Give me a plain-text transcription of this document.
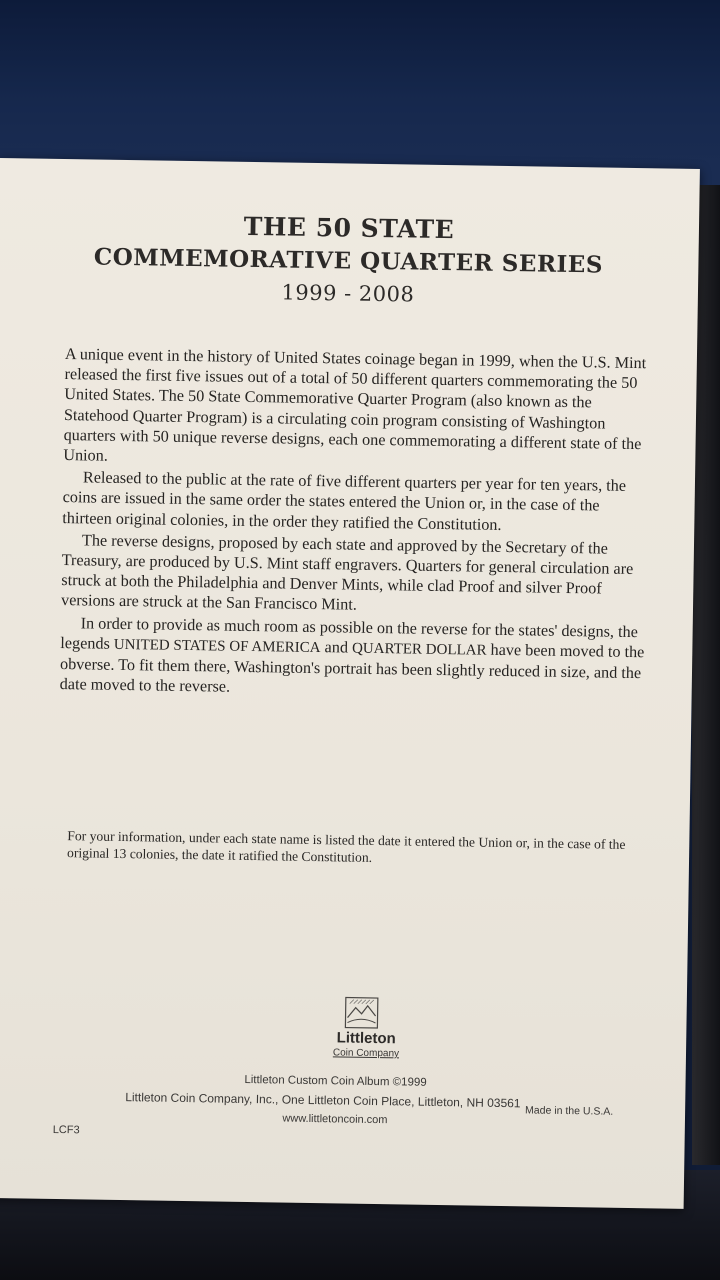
THE 50 STATE
COMMEMORATIVE QUARTER SERIES
1999 - 2008

A unique event in the history of United States coinage began in 1999, when the U.S. Mint released the first five issues out of a total of 50 different quarters commemorating the 50 United States. The 50 State Commemorative Quarter Program (also known as the Statehood Quarter Program) is a circulating coin program consisting of Washington quarters with 50 unique reverse designs, each one commemorating a different state of the Union.

Released to the public at the rate of five different quarters per year for ten years, the coins are issued in the same order the states entered the Union or, in the case of the thirteen original colonies, in the order they ratified the Constitution.

The reverse designs, proposed by each state and approved by the Secretary of the Treasury, are produced by U.S. Mint staff engravers. Quarters for general circulation are struck at both the Philadelphia and Denver Mints, while clad Proof and silver Proof versions are struck at the San Francisco Mint.

In order to provide as much room as possible on the reverse for the states' designs, the legends UNITED STATES OF AMERICA and QUARTER DOLLAR have been moved to the obverse. To fit them there, Washington's portrait has been slightly reduced in size, and the date moved to the reverse.

For your information, under each state name is listed the date it entered the Union or, in the case of the original 13 colonies, the date it ratified the Constitution.
Littleton
Coin Company
Littleton Custom Coin Album ©1999
Littleton Coin Company, Inc., One Littleton Coin Place, Littleton, NH 03561
Made in the U.S.A.
www.littletoncoin.com
LCF3
